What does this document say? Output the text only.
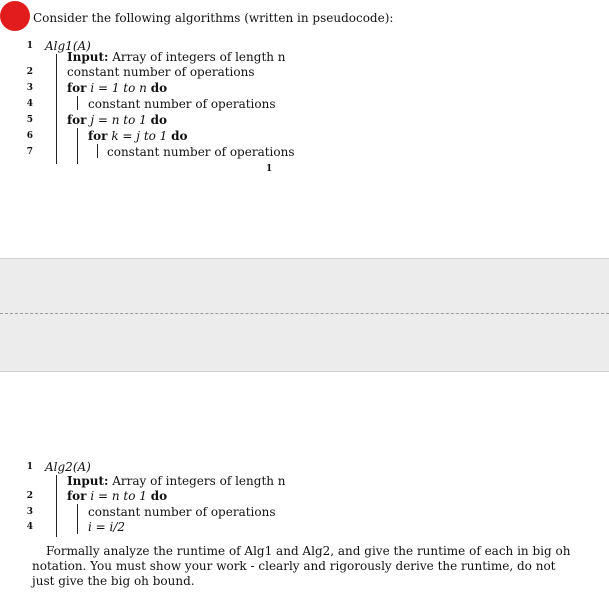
Consider the following algorithms (written in pseudocode):
1 Alg1(A)
Input: Array of integers of length n
2	constant number of operations
3	for i = 1 to n do
4	constant number of operations
5	for j = n to 1 do
6	for k = j to 1 do
7	constant number of operations
1
1 Alg2(A)
Input: Array of integers of length n
2	for i = n to 1 do
3	constant number of operations
4	i = i/2
Formally analyze the runtime of Alg1 and Alg2, and give the runtime of each in big oh notation. You must show your work - clearly and rigorously derive the runtime, do not just give the big oh bound.
